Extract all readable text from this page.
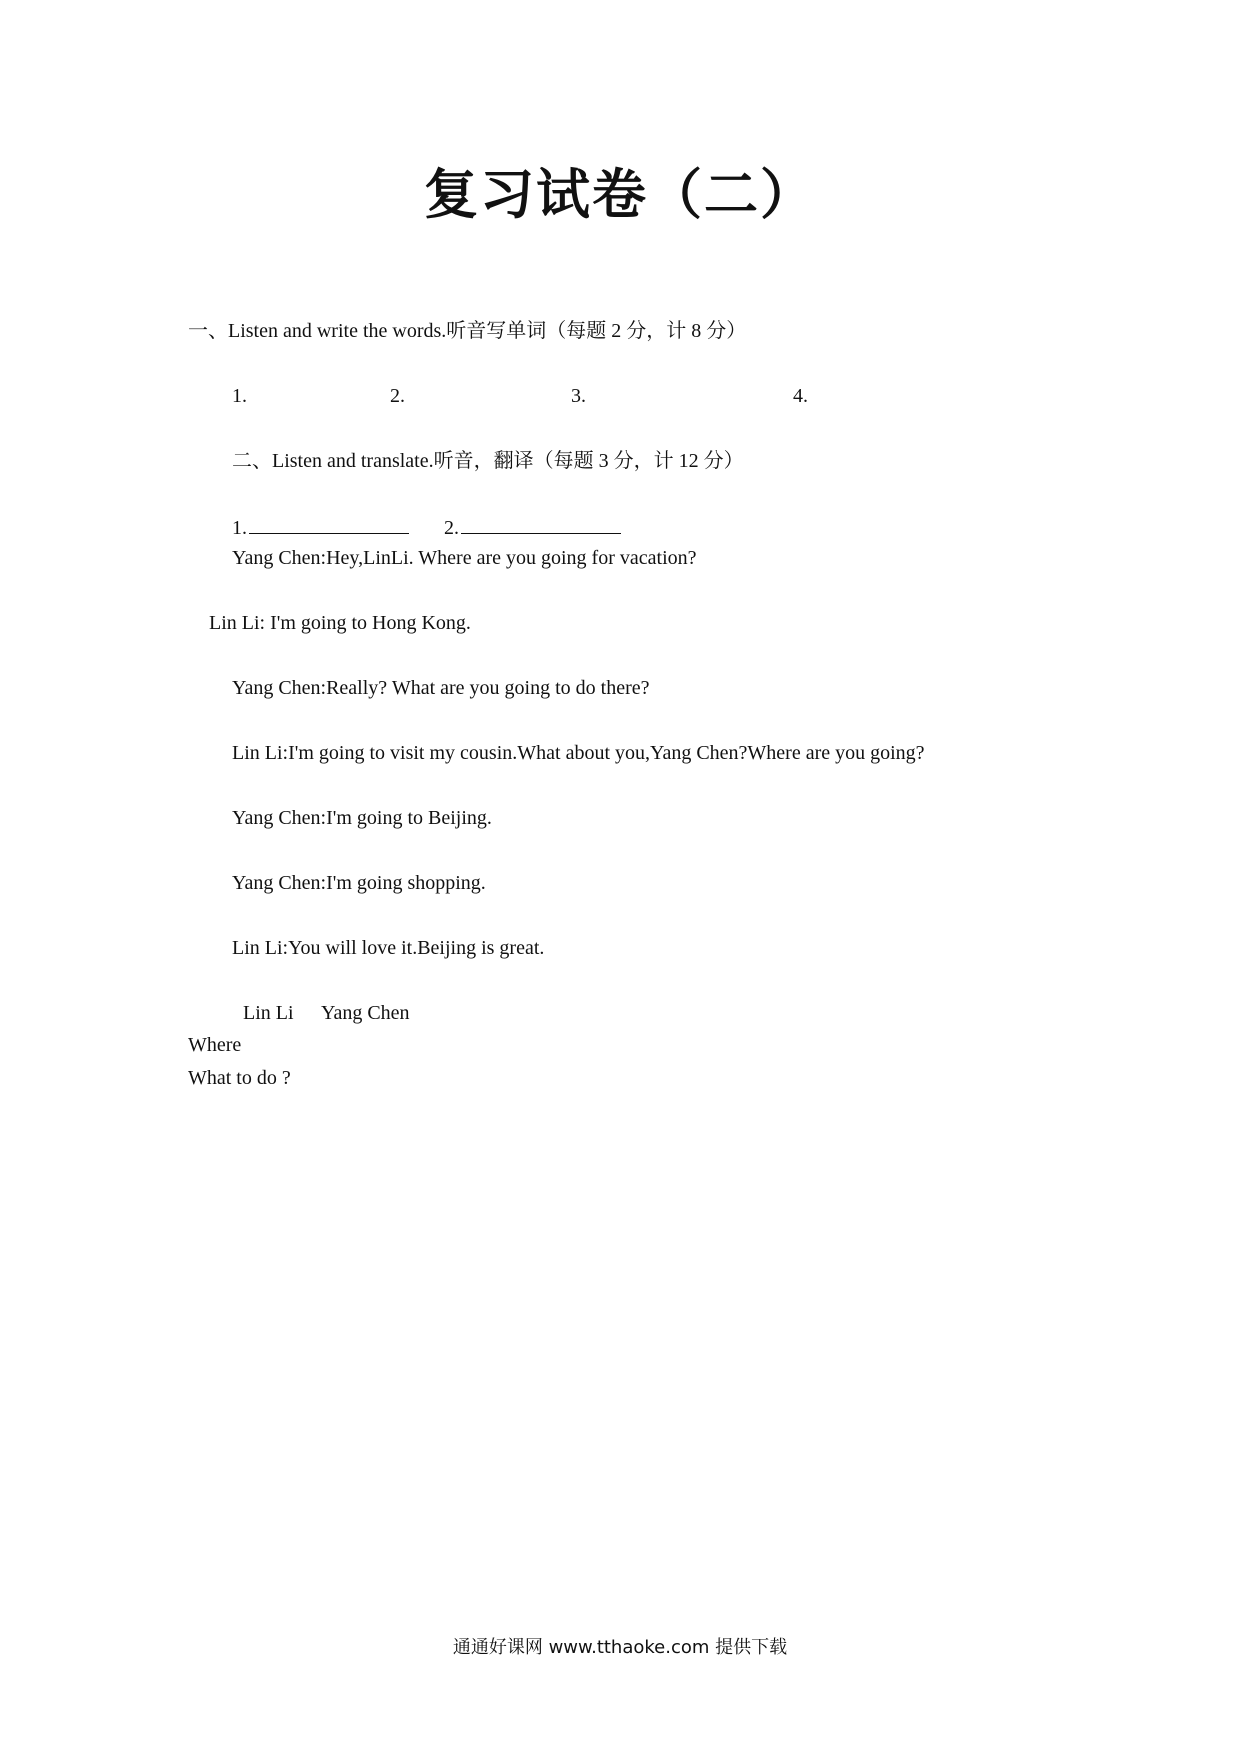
复习试卷（二）
一、Listen and write the words.听音写单词（每题 2 分，计 8 分）
1.	2.	3.	4.
二、Listen and translate.听音，翻译（每题 3 分，计 12 分）
1.	2.
Yang Chen:Hey,LinLi. Where are you going for vacation?
Lin Li: I'm going to Hong Kong.
Yang Chen:Really? What are you going to do there?
Lin Li:I'm going to visit my cousin.What about you,Yang Chen?Where are you going?
Yang Chen:I'm going to Beijing.
Yang Chen:I'm going shopping.
Lin Li:You will love it.Beijing is great.
Lin Li Yang Chen
Where
What to do ?
通通好课网 www.tthaoke.com 提供下载
